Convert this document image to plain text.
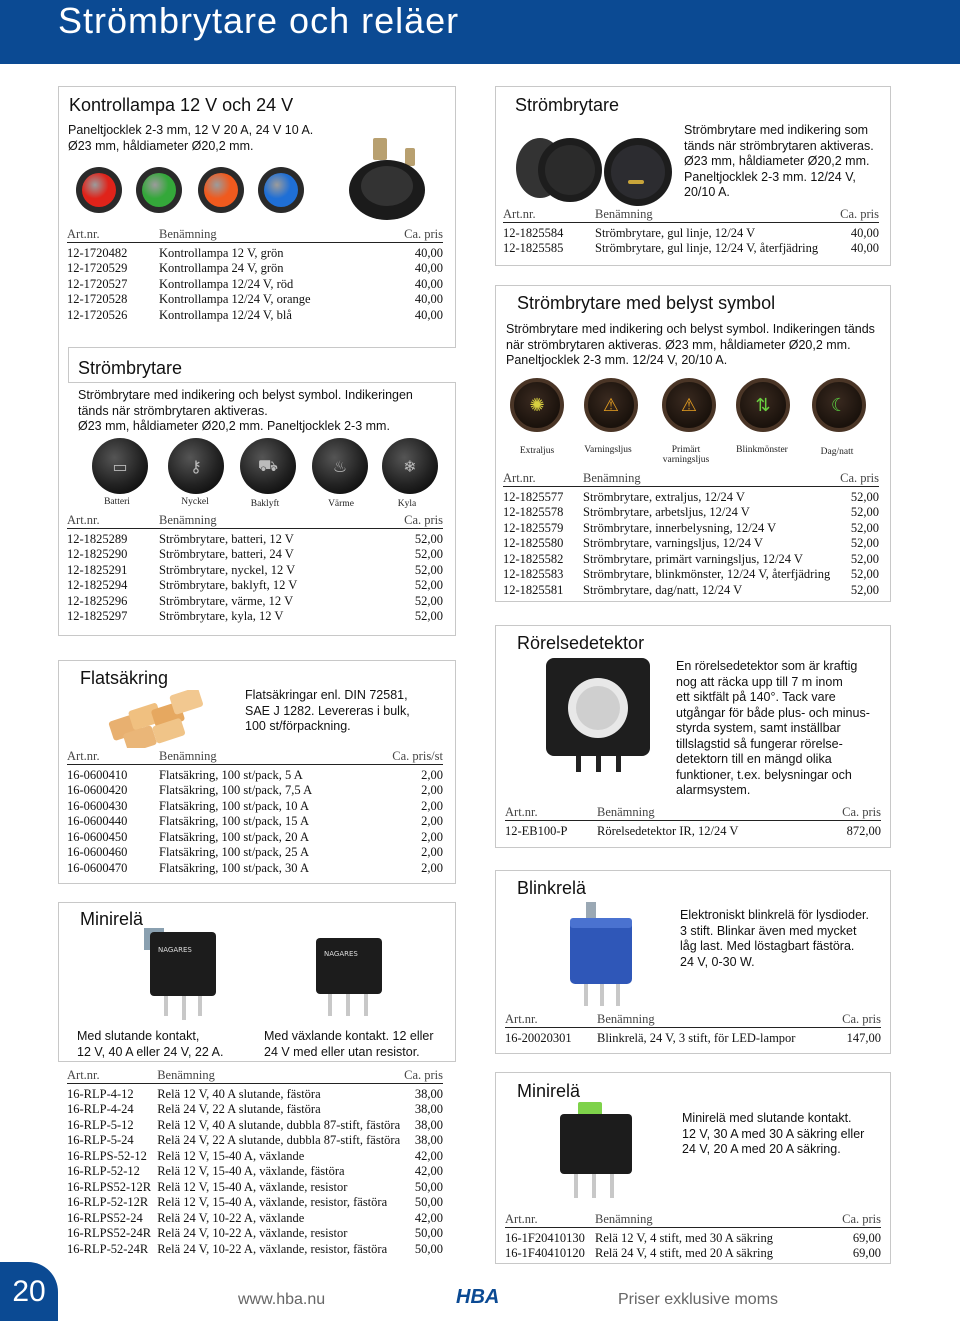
Strömbrytare och reläer
Kontrollampa 12 V och 24 V
Paneltjocklek 2-3 mm, 12 V 20 A, 24 V 10 A.
Ø23 mm, håldiameter Ø20,2 mm.
Art.nr.	Benämning	Ca. pris
12-1720482	Kontrollampa 12 V, grön	40,00
12-1720529	Kontrollampa 24 V, grön	40,00
12-1720527	Kontrollampa 12/24 V, röd	40,00
12-1720528	Kontrollampa 12/24 V, orange	40,00
12-1720526	Kontrollampa 12/24 V, blå	40,00
Strömbrytare
Strömbrytare med indikering och belyst symbol. Indikeringen
tänds när strömbrytaren aktiveras.
Ø23 mm, håldiameter Ø20,2 mm. Paneltjocklek 2-3 mm.
▭	⚷	⛟	♨	❄
Batteri	Nyckel	Baklyft	Värme	Kyla
Art.nr.	Benämning	Ca. pris
12-1825289	Strömbrytare, batteri, 12 V	52,00
12-1825290	Strömbrytare, batteri, 24 V	52,00
12-1825291	Strömbrytare, nyckel, 12 V	52,00
12-1825294	Strömbrytare, baklyft, 12 V	52,00
12-1825296	Strömbrytare, värme, 12 V	52,00
12-1825297	Strömbrytare, kyla, 12 V	52,00
Flatsäkring
Flatsäkringar enl. DIN 72581,
SAE J 1282. Levereras i bulk,
100 st/förpackning.
Art.nr.	Benämning	Ca. pris/st
16-0600410	Flatsäkring, 100 st/pack, 5 A	2,00
16-0600420	Flatsäkring, 100 st/pack, 7,5 A	2,00
16-0600430	Flatsäkring, 100 st/pack, 10 A	2,00
16-0600440	Flatsäkring, 100 st/pack, 15 A	2,00
16-0600450	Flatsäkring, 100 st/pack, 20 A	2,00
16-0600460	Flatsäkring, 100 st/pack, 25 A	2,00
16-0600470	Flatsäkring, 100 st/pack, 30 A	2,00
Minirelä
NAGARES	NAGARES
Med slutande kontakt,
12 V, 40 A eller 24 V, 22 A.
Med växlande kontakt. 12 eller
24 V med eller utan resistor.
Art.nr.	Benämning	Ca. pris
16-RLP-4-12	Relä 12 V, 40 A slutande, fästöra	38,00
16-RLP-4-24	Relä 24 V, 22 A slutande, fästöra	38,00
16-RLP-5-12	Relä 12 V, 40 A slutande, dubbla 87-stift, fästöra	38,00
16-RLP-5-24	Relä 24 V, 22 A slutande, dubbla 87-stift, fästöra	38,00
16-RLPS-52-12	Relä 12 V, 15-40 A, växlande	42,00
16-RLP-52-12	Relä 12 V, 15-40 A, växlande, fästöra	42,00
16-RLPS52-12R	Relä 12 V, 15-40 A, växlande, resistor	50,00
16-RLP-52-12R	Relä 12 V, 15-40 A, växlande, resistor, fästöra	50,00
16-RLPS52-24	Relä 24 V, 10-22 A, växlande	42,00
16-RLPS52-24R	Relä 24 V, 10-22 A, växlande, resistor	50,00
16-RLP-52-24R	Relä 24 V, 10-22 A, växlande, resistor, fästöra	50,00
Strömbrytare
Strömbrytare med indikering som
tänds när strömbrytaren aktiveras.
Ø23 mm, håldiameter Ø20,2 mm.
Paneltjocklek 2-3 mm. 12/24 V,
20/10 A.
Art.nr.	Benämning	Ca. pris
12-1825584	Strömbrytare, gul linje, 12/24 V	40,00
12-1825585	Strömbrytare, gul linje, 12/24 V, återfjädring	40,00
Strömbrytare med belyst symbol
Strömbrytare med indikering och belyst symbol. Indikeringen tänds
när strömbrytaren aktiveras. Ø23 mm, håldiameter Ø20,2 mm.
Paneltjocklek 2-3 mm. 12/24 V, 20/10 A.
✺	⚠	⚠	⇅	☾
Extraljus	Varningsljus	Primärt varningsljus
Blinkmönster	Dag/natt
Art.nr.	Benämning	Ca. pris
12-1825577	Strömbrytare, extraljus, 12/24 V	52,00
12-1825578	Strömbrytare, arbetsljus, 12/24 V	52,00
12-1825579	Strömbrytare, innerbelysning, 12/24 V	52,00
12-1825580	Strömbrytare, varningsljus, 12/24 V	52,00
12-1825582	Strömbrytare, primärt varningsljus, 12/24 V	52,00
12-1825583	Strömbrytare, blinkmönster, 12/24 V, återfjädring	52,00
12-1825581	Strömbrytare, dag/natt, 12/24 V	52,00
Rörelsedetektor
En rörelsedetektor som är kraftig
nog att räcka upp till 7 m inom
ett siktfält på 140°. Tack vare
utgångar för både plus- och minus-
styrda system, samt inställbar
tillslagstid så fungerar rörelse-
detektorn till en mängd olika
funktioner, t.ex. belysningar och
alarmsystem.
Art.nr.	Benämning	Ca. pris
12-EB100-P	Rörelsedetektor IR, 12/24 V	872,00
Blinkrelä
Elektroniskt blinkrelä för lysdioder.
3 stift. Blinkar även med mycket
låg last. Med löstagbart fästöra.
24 V, 0-30 W.
Art.nr.	Benämning	Ca. pris
16-20020301	Blinkrelä, 24 V, 3 stift, för LED-lampor	147,00
Minirelä
Minirelä med slutande kontakt.
12 V, 30 A med 30 A säkring eller
24 V, 20 A med 20 A säkring.
Art.nr.	Benämning	Ca. pris
16-1F20410130	Relä 12 V, 4 stift, med 30 A säkring	69,00
16-1F40410120	Relä 24 V, 4 stift, med 20 A säkring	69,00
20	www.hba.nu	HBA	Priser exklusive moms
